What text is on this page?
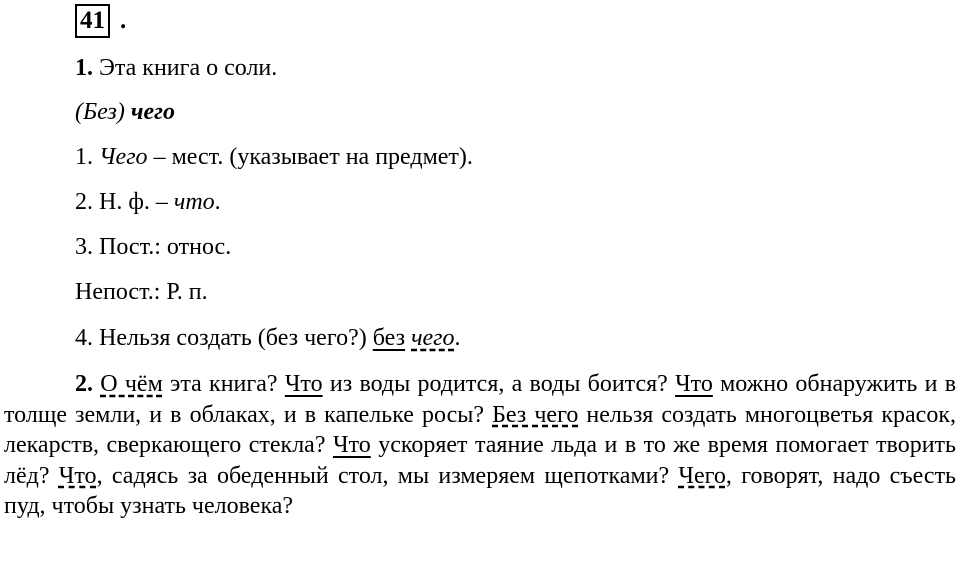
41 .
1. Эта книга о соли.
(Без) чего
1. Чего – мест. (указывает на предмет).
2. Н. ф. – что.
3. Пост.: относ.
Непост.: Р. п.
4. Нельзя создать (без чего?) без чего.

2. О чём эта книга? Что из воды родится, а воды боится? Что можно обнаружить и в толще земли, и в облаках, и в капельке росы? Без чего нельзя создать многоцветья красок, лекарств, сверкающего стекла? Что ускоряет таяние льда и в то же время помогает творить лёд? Что, садясь за обеденный стол, мы измеряем щепотками? Чего, говорят, надо съесть пуд, чтобы узнать человека?
